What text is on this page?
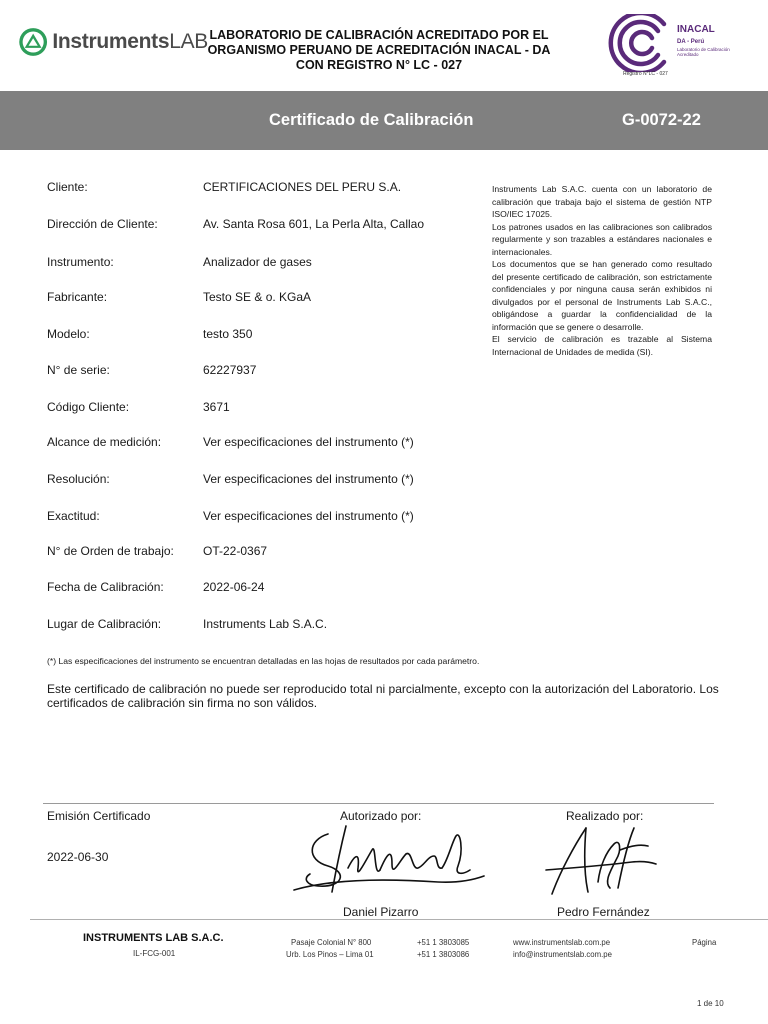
InstrumentsLAB LABORATORIO DE CALIBRACIÓN ACREDITADO POR EL
ORGANISMO PERUANO DE ACREDITACIÓN INACAL - DA
CON REGISTRO N° LC - 027
INACAL
DA - Perú
Laboratorio de Calibración Acreditado
Registro N°LC - 027
Certificado de Calibración	G-0072-22
Cliente:	CERTIFICACIONES DEL PERU S.A.
Dirección de Cliente:	Av. Santa Rosa 601, La Perla Alta, Callao
Instrumento:	Analizador de gases
Fabricante:	Testo SE & o. KGaA
Modelo:	testo 350
N° de serie:	62227937
Código Cliente:	3671
Alcance de medición:	Ver especificaciones del instrumento (*)
Resolución:	Ver especificaciones del instrumento (*)
Exactitud:	Ver especificaciones del instrumento (*)
N° de Orden de trabajo: OT-22-0367
Fecha de Calibración:	2022-06-24
Lugar de Calibración:	Instruments Lab S.A.C.

Instruments Lab S.A.C. cuenta con un laboratorio de calibración que trabaja bajo el sistema de gestión NTP ISO/IEC 17025.

Los patrones usados en las calibraciones son calibrados regularmente y son trazables a estándares nacionales e internacionales.

Los documentos que se han generado como resultado del presente certificado de calibración, son estrictamente confidenciales y por ninguna causa serán exhibidos ni divulgados por el personal de Instruments Lab S.A.C., obligándose a guardar la confidencialidad de la información que se genere o desarrolle.

El servicio de calibración es trazable al Sistema Internacional de Unidades de medida (SI).

(*) Las especificaciones del instrumento se encuentran detalladas en las hojas de resultados por cada parámetro.
Este certificado de calibración no puede ser reproducido total ni parcialmente, excepto con la autorización del Laboratorio. Los certificados de calibración sin firma no son válidos.
Emisión Certificado
2022-06-30
Autorizado por:	Realizado por:
Daniel Pizarro	Pedro Fernández
INSTRUMENTS LAB S.A.C.
IL-FCG-001
Pasaje Colonial N° 800
Urb. Los Pinos – Lima 01
+51 1 3803085
+51 1 3803086
www.instrumentslab.com.pe
info@instrumentslab.com.pe
Página
1 de 10
